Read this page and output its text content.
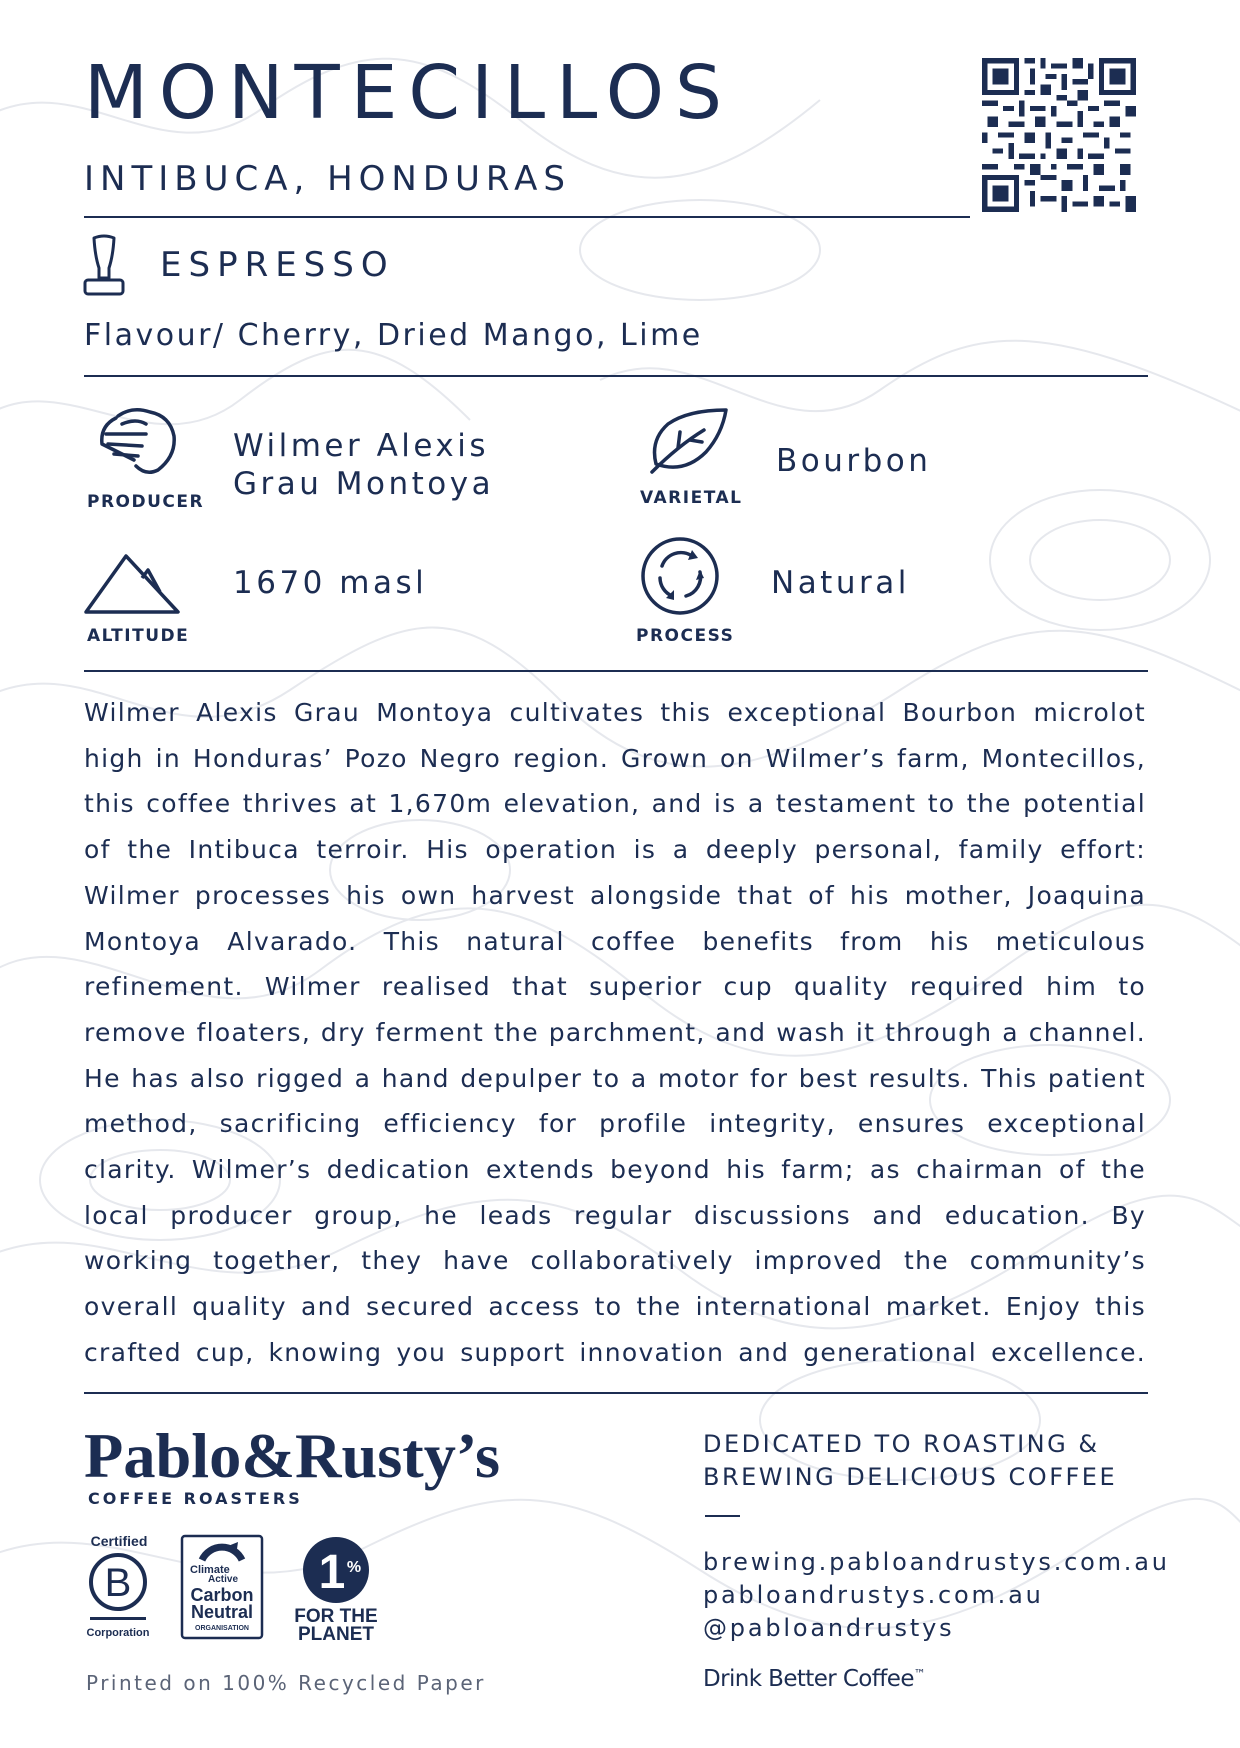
MONTECILLOS
INTIBUCA, HONDURAS
ESPRESSO
Flavour/ Cherry, Dried Mango, Lime
PRODUCER
Wilmer Alexis
Grau Montoya	VARIETAL
Bourbon
ALTITUDE
1670 masl
PROCESS
Natural

Wilmer Alexis Grau Montoya cultivates this exceptional Bourbon microlot high in Honduras’ Pozo Negro region. Grown on Wilmer’s farm, Montecillos, this coffee thrives at 1,670m elevation, and is a testament to the potential of the Intibuca terroir. His operation is a deeply personal, family effort: Wilmer processes his own harvest alongside that of his mother, Joaquina Montoya Alvarado. This natural coffee benefits from his meticulous refinement. Wilmer realised that superior cup quality required him to remove floaters, dry ferment the parchment, and wash it through a channel. He has also rigged a hand depulper to a motor for best results. This patient method, sacrificing efficiency for profile integrity, ensures exceptional clarity. Wilmer’s dedication extends beyond his farm; as chairman of the local producer group, he leads regular discussions and education. By working together, they have collaboratively improved the community’s overall quality and secured access to the international market. Enjoy this crafted cup, knowing you support innovation and generational excellence.

Pablo&Rusty’s
COFFEE ROASTERS
Certified
B
Corporation
Climate
Active
Carbon
Neutral
ORGANISATION
1 %
FOR THE
PLANET
Printed on 100% Recycled Paper
DEDICATED TO ROASTING &
BREWING DELICIOUS COFFEE
brewing.pabloandrustys.com.au
pabloandrustys.com.au
@pabloandrustys
Drink Better Coffee™
